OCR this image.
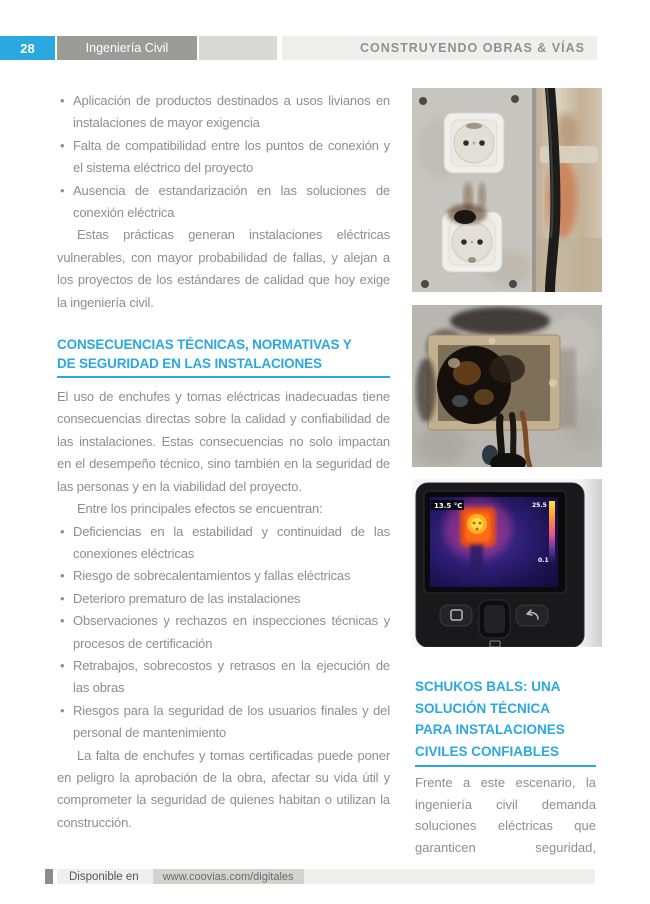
28	Ingeniería Civil	CONSTRUYENDO OBRAS & VÍAS
• Aplicación de productos destinados a usos livianos en instalaciones de mayor exigencia
• Falta de compatibilidad entre los puntos de conexión y el sistema eléctrico del proyecto
• Ausencia de estandarización en las soluciones de conexión eléctrica

Estas prácticas generan instalaciones eléctricas vulnerables, con mayor probabilidad de fallas, y alejan a los proyectos de los estándares de calidad que hoy exige la ingeniería civil.

CONSECUENCIAS TÉCNICAS, NORMATIVAS Y
DE SEGURIDAD EN LAS INSTALACIONES

El uso de enchufes y tomas eléctricas inadecuadas tiene consecuencias directas sobre la calidad y confiabilidad de las instalaciones. Estas consecuencias no solo impactan en el desempeño técnico, sino también en la seguridad de las personas y en la viabilidad del proyecto.

Entre los principales efectos se encuentran:

• Deficiencias en la estabilidad y continuidad de las conexiones eléctricas
• Riesgo de sobrecalentamientos y fallas eléctricas
• Deterioro prematuro de las instalaciones
• Observaciones y rechazos en inspecciones técnicas y procesos de certificación
• Retrabajos, sobrecostos y retrasos en la ejecución de las obras
• Riesgos para la seguridad de los usuarios finales y del personal de mantenimiento

La falta de enchufes y tomas certificadas puede poner en peligro la aprobación de la obra, afectar su vida útil y comprometer la seguridad de quienes habitan o utilizan la construcción.

13.5 °C	25.5
0.1
SCHUKOS BALS: UNA
SOLUCIÓN TÉCNICA
PARA INSTALACIONES
CIVILES CONFIABLES

Frente a este escenario, la ingeniería civil demanda soluciones eléctricas que garanticen seguridad,

Disponible en	www.coovias.com/digitales
